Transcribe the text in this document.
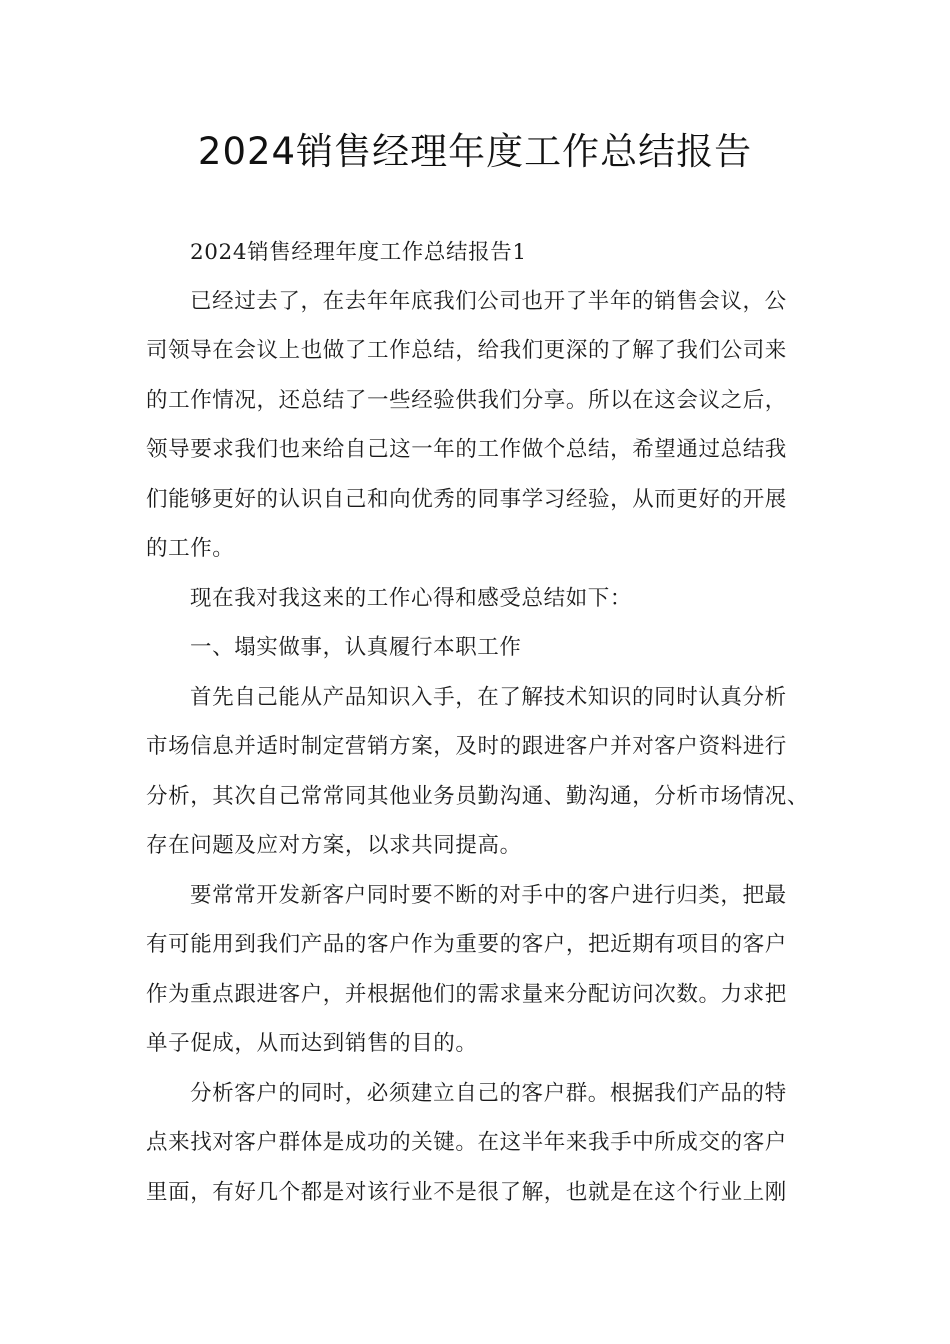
2024销售经理年度工作总结报告
2024销售经理年度工作总结报告1
已经过去了，在去年年底我们公司也开了半年的销售会议，公
司领导在会议上也做了工作总结，给我们更深的了解了我们公司来
的工作情况，还总结了一些经验供我们分享。所以在这会议之后，
领导要求我们也来给自己这一年的工作做个总结，希望通过总结我
们能够更好的认识自己和向优秀的同事学习经验，从而更好的开展
的工作。
现在我对我这来的工作心得和感受总结如下：
一、塌实做事，认真履行本职工作
首先自己能从产品知识入手，在了解技术知识的同时认真分析
市场信息并适时制定营销方案，及时的跟进客户并对客户资料进行
分析，其次自己常常同其他业务员勤沟通、勤沟通，分析市场情况、
存在问题及应对方案，以求共同提高。
要常常开发新客户同时要不断的对手中的客户进行归类，把最
有可能用到我们产品的客户作为重要的客户，把近期有项目的客户
作为重点跟进客户，并根据他们的需求量来分配访问次数。力求把
单子促成，从而达到销售的目的。
分析客户的同时，必须建立自己的客户群。根据我们产品的特
点来找对客户群体是成功的关键。在这半年来我手中所成交的客户
里面，有好几个都是对该行业不是很了解，也就是在这个行业上刚
